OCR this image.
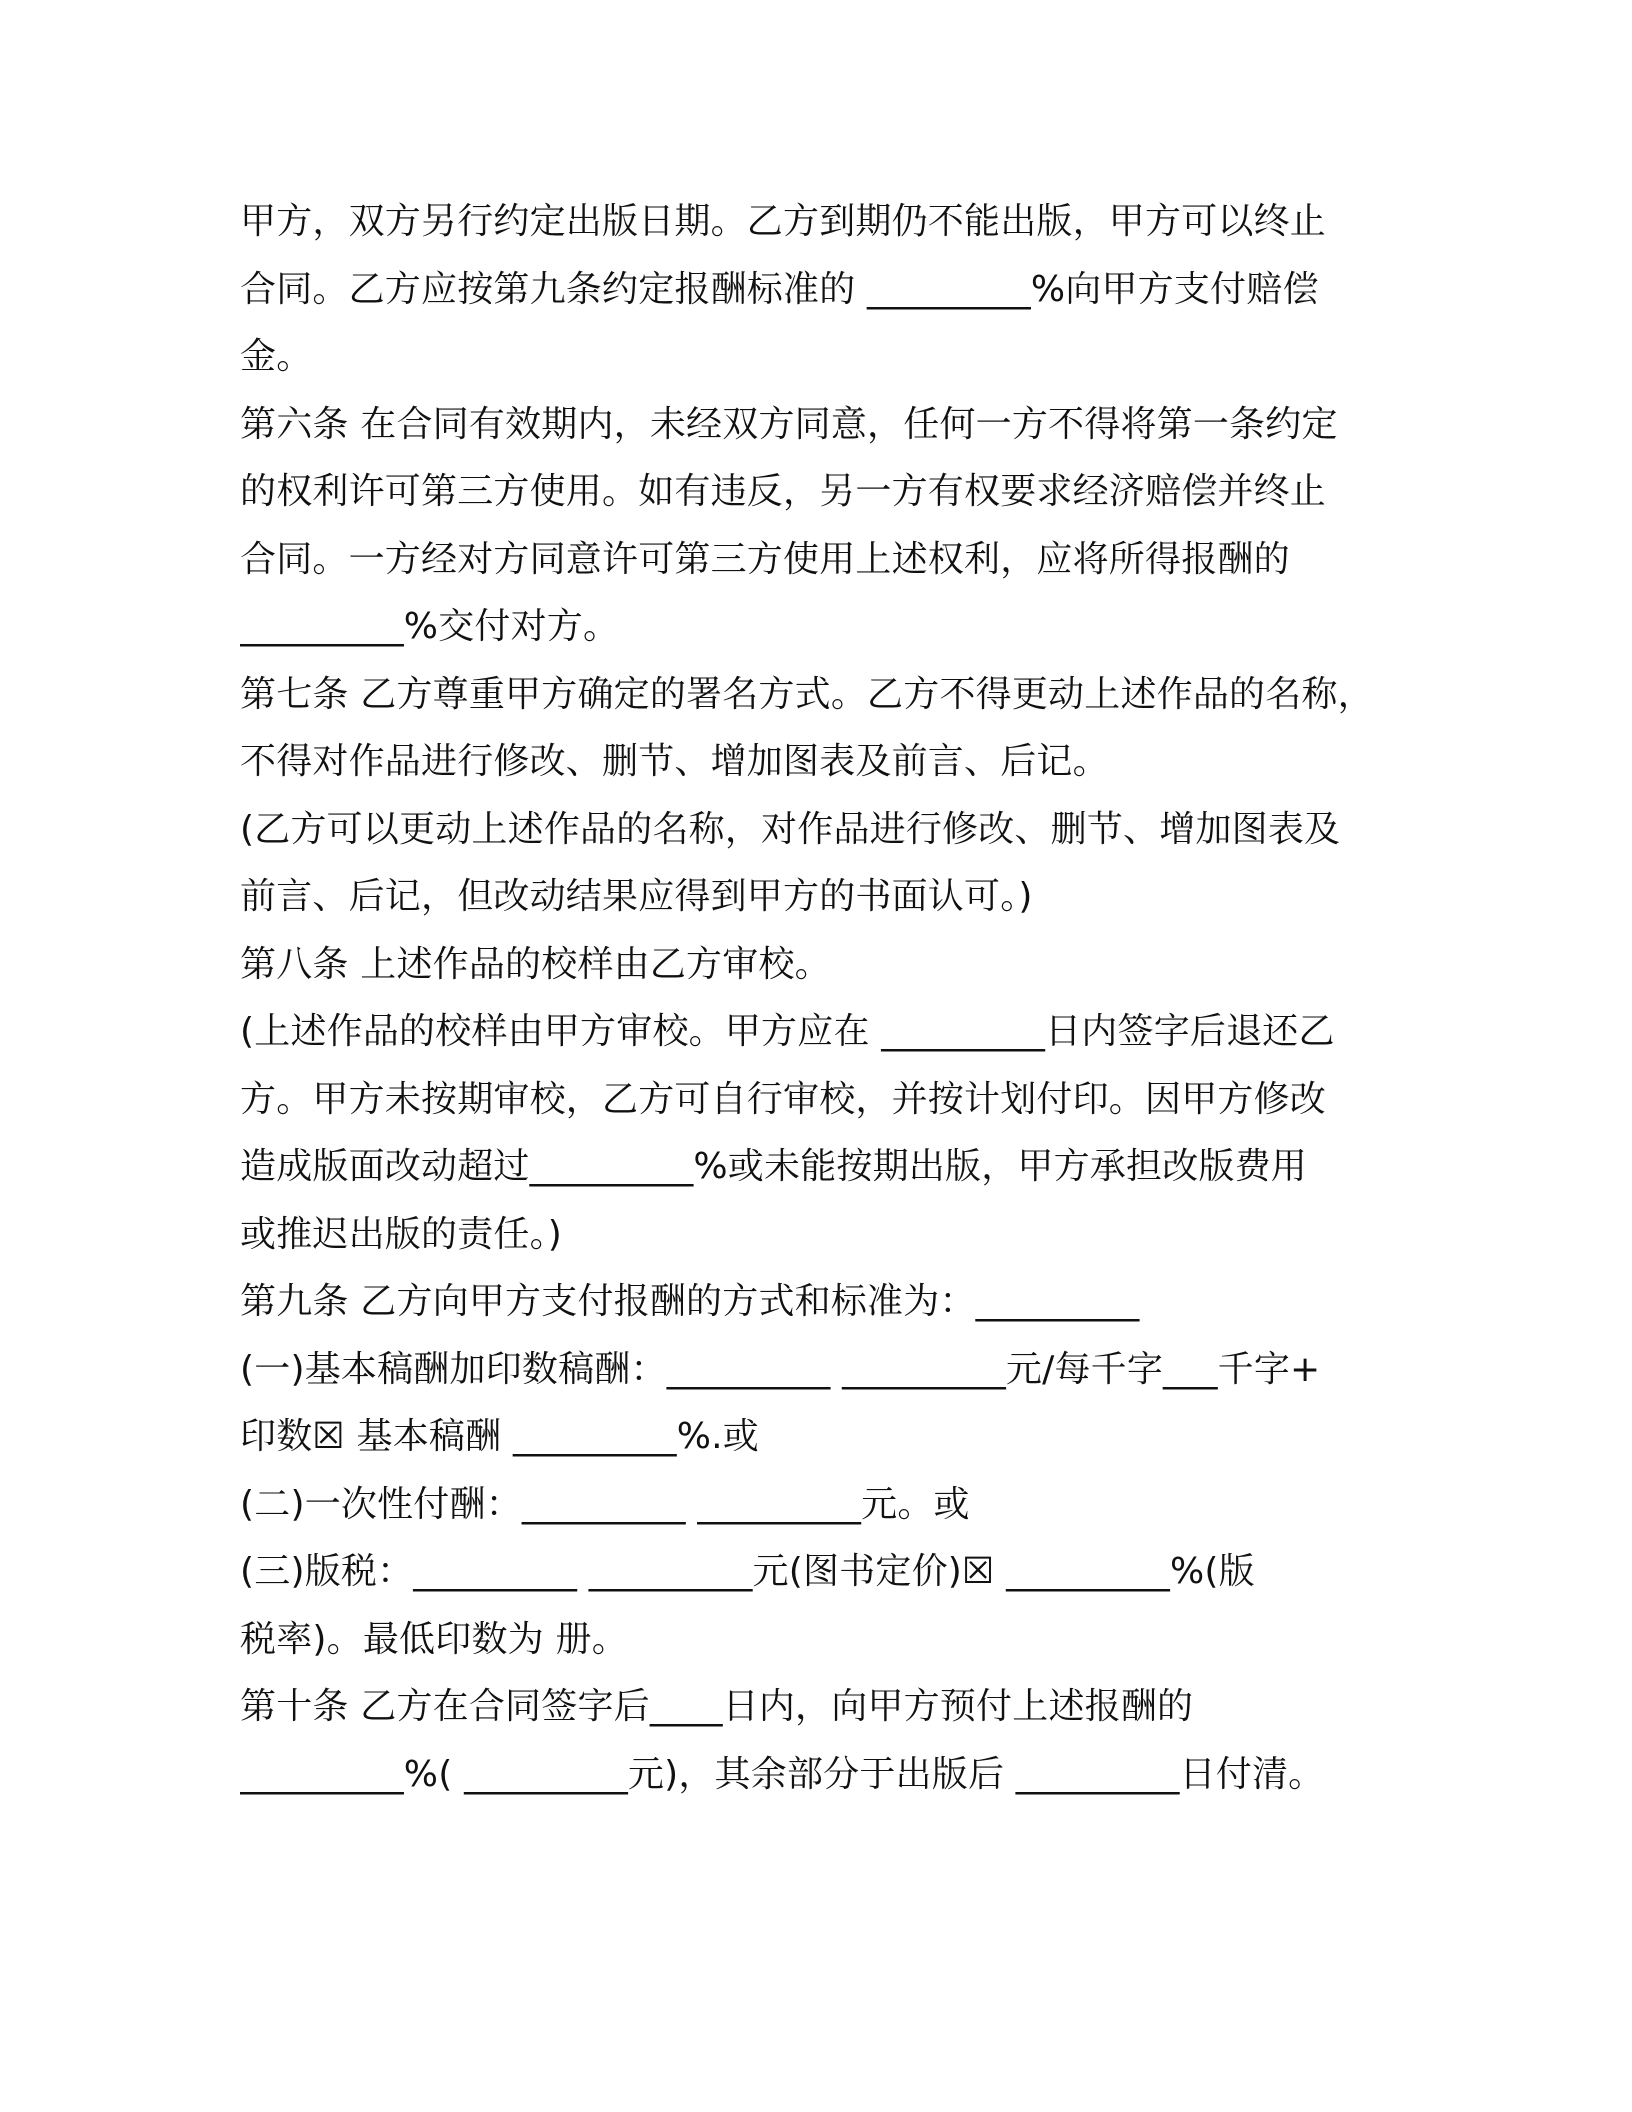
甲方，双方另行约定出版日期。乙方到期仍不能出版，甲方可以终止
合同。乙方应按第九条约定报酬标准的 _________%向甲方支付赔偿
金。
第六条 在合同有效期内，未经双方同意，任何一方不得将第一条约定
的权利许可第三方使用。如有违反，另一方有权要求经济赔偿并终止
合同。一方经对方同意许可第三方使用上述权利，应将所得报酬的
_________%交付对方。
第七条 乙方尊重甲方确定的署名方式。乙方不得更动上述作品的名称，
不得对作品进行修改、删节、增加图表及前言、后记。
(乙方可以更动上述作品的名称，对作品进行修改、删节、增加图表及
前言、后记，但改动结果应得到甲方的书面认可。)
第八条 上述作品的校样由乙方审校。
(上述作品的校样由甲方审校。甲方应在 _________日内签字后退还乙
方。甲方未按期审校，乙方可自行审校，并按计划付印。因甲方修改
造成版面改动超过_________%或未能按期出版，甲方承担改版费用
或推迟出版的责任。)
第九条 乙方向甲方支付报酬的方式和标准为：_________
(一)基本稿酬加印数稿酬：_________ _________元/每千字___千字+
印数☒ 基本稿酬 _________%.或
(二)一次性付酬：_________ _________元。或
(三)版税：_________ _________元(图书定价)☒ _________%(版
税率)。最低印数为 册。
第十条 乙方在合同签字后____日内，向甲方预付上述报酬的
_________%( _________元)，其余部分于出版后 _________日付清。
